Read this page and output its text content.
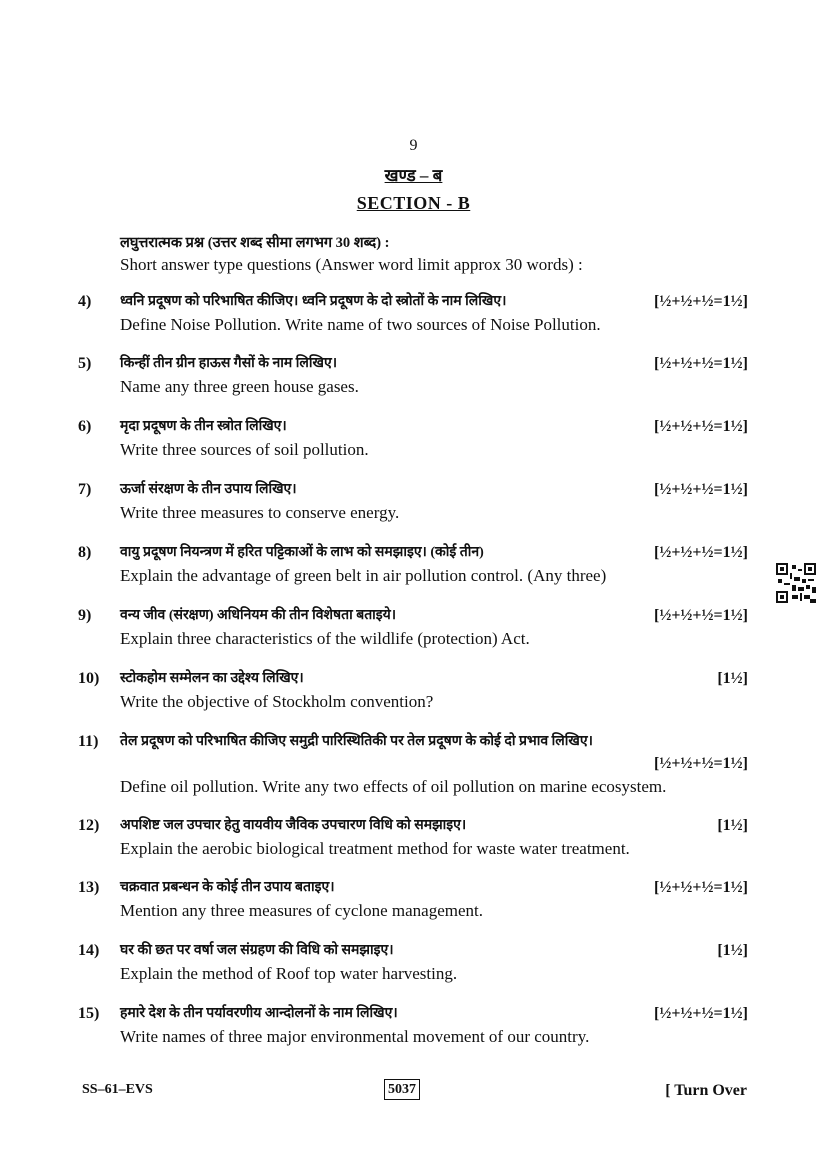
9
खण्ड – ब
SECTION - B
लघुत्तरात्मक प्रश्न (उत्तर शब्द सीमा लगभग 30 शब्द) :
Short answer type questions (Answer word limit approx 30 words) :
4)	ध्वनि प्रदूषण को परिभाषित कीजिए। ध्वनि प्रदूषण के दो स्त्रोतों के नाम लिखिए।	[½+½+½=1½]
Define Noise Pollution. Write name of two sources of Noise Pollution.
5)	किन्हीं तीन ग्रीन हाऊस गैसों के नाम लिखिए।	[½+½+½=1½]
Name any three green house gases.
6)	मृदा प्रदूषण के तीन स्त्रोत लिखिए।	[½+½+½=1½]
Write three sources of soil pollution.
7)	ऊर्जा संरक्षण के तीन उपाय लिखिए।	[½+½+½=1½]
Write three measures to conserve energy.
8)	वायु प्रदूषण नियन्त्रण में हरित पट्टिकाओं के लाभ को समझाइए। (कोई तीन)	[½+½+½=1½]
Explain the advantage of green belt in air pollution control. (Any three)
9)	वन्य जीव (संरक्षण) अधिनियम की तीन विशेषता बताइये।	[½+½+½=1½]
Explain three characteristics of the wildlife (protection) Act.
10)	स्टोकहोम सम्मेलन का उद्देश्य लिखिए।	[1½]
Write the objective of Stockholm convention?
11)	तेल प्रदूषण को परिभाषित कीजिए समुद्री पारिस्थितिकी पर तेल प्रदूषण के कोई दो प्रभाव लिखिए।
[½+½+½=1½]
Define oil pollution. Write any two effects of oil pollution on marine ecosystem.
12)	अपशिष्ट जल उपचार हेतु वायवीय जैविक उपचारण विधि को समझाइए।	[1½]
Explain the aerobic biological treatment method for waste water treatment.
13)	चक्रवात प्रबन्धन के कोई तीन उपाय बताइए।	[½+½+½=1½]
Mention any three measures of cyclone management.
14)	घर की छत पर वर्षा जल संग्रहण की विधि को समझाइए।	[1½]
Explain the method of Roof top water harvesting.
15)	हमारे देश के तीन पर्यावरणीय आन्दोलनों के नाम लिखिए।	[½+½+½=1½]
Write names of three major environmental movement of our country.
SS–61–EVS	5037	[ Turn Over
